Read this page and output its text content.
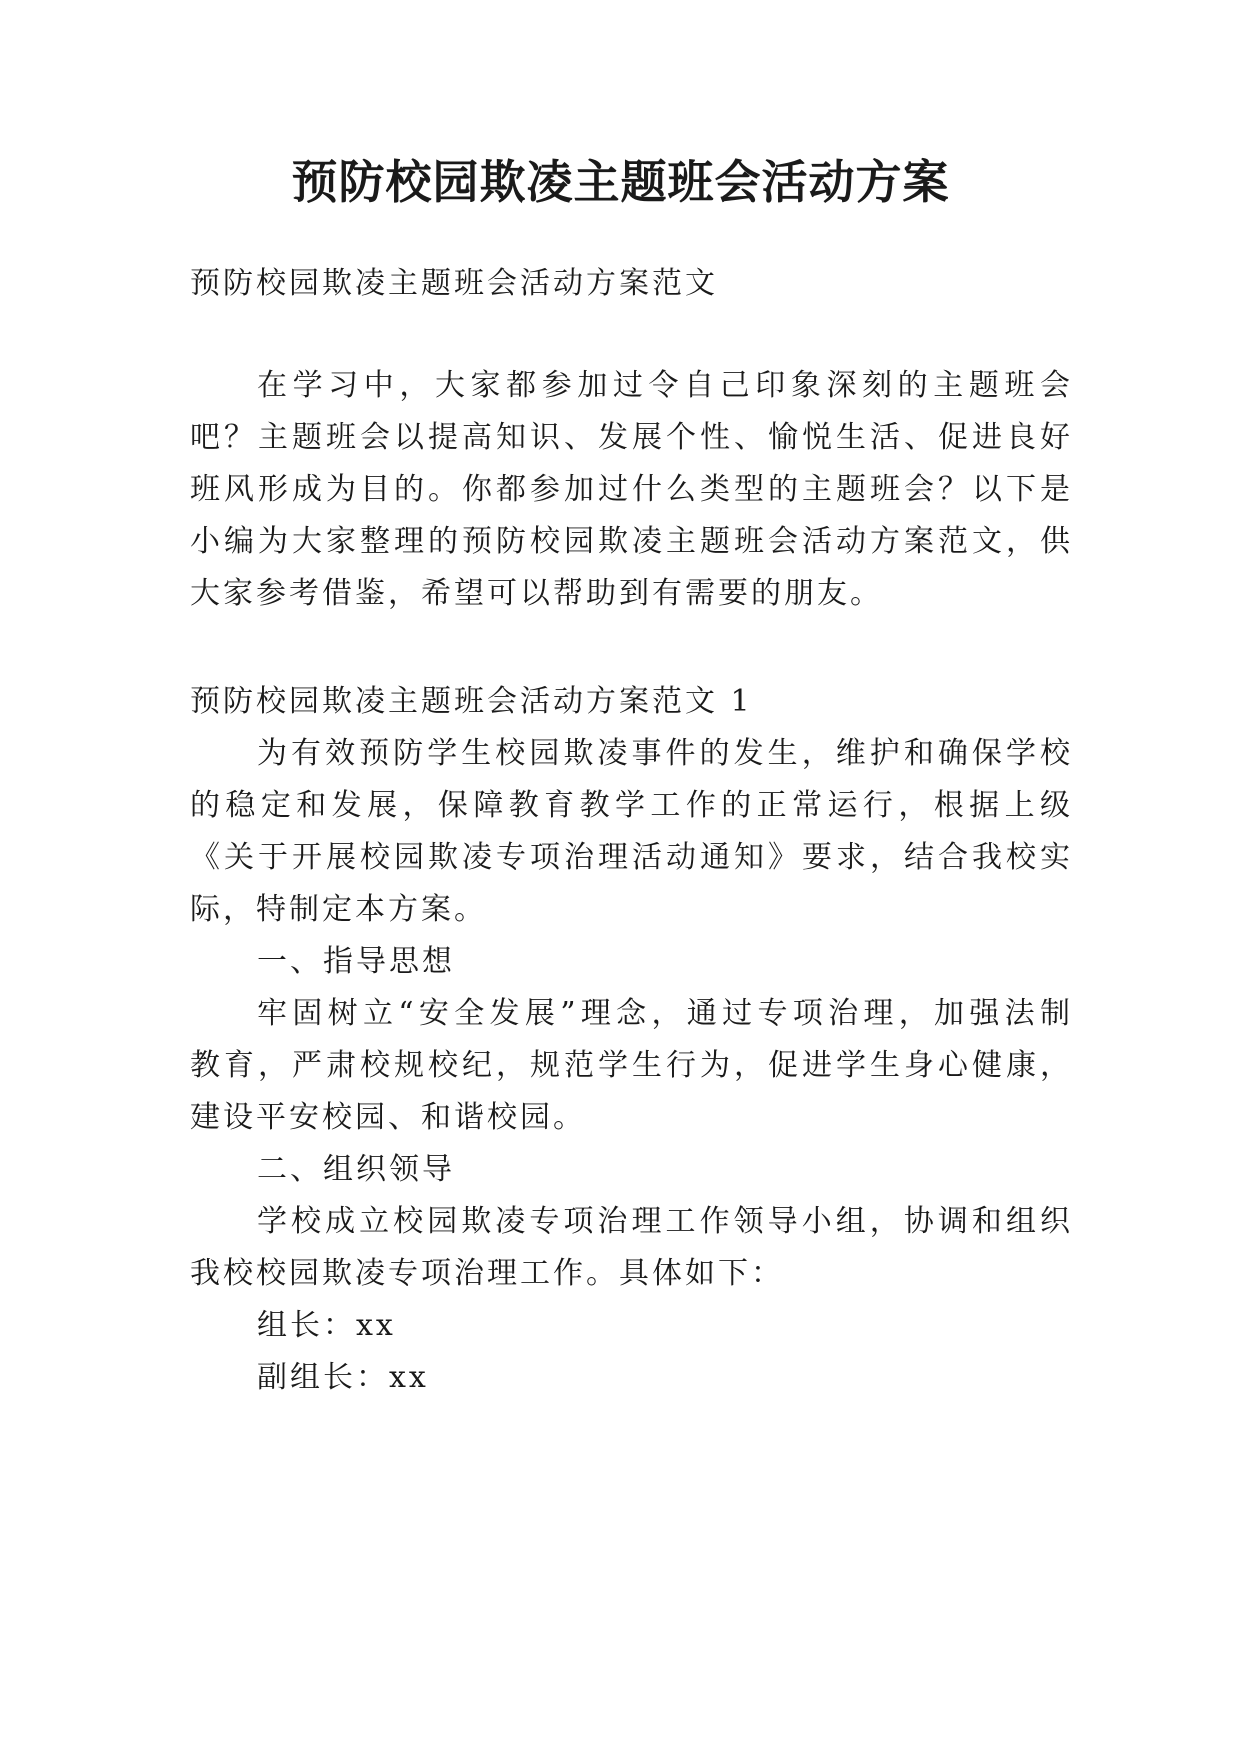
预防校园欺凌主题班会活动方案
预防校园欺凌主题班会活动方案范文
在学习中，大家都参加过令自己印象深刻的主题班会
吧？主题班会以提高知识、发展个性、愉悦生活、促进良好
班风形成为目的。你都参加过什么类型的主题班会？以下是
小编为大家整理的预防校园欺凌主题班会活动方案范文，供
大家参考借鉴，希望可以帮助到有需要的朋友。
预防校园欺凌主题班会活动方案范文 1
为有效预防学生校园欺凌事件的发生，维护和确保学校
的稳定和发展，保障教育教学工作的正常运行，根据上级
《关于开展校园欺凌专项治理活动通知》要求，结合我校实
际，特制定本方案。
一、指导思想
牢固树立“安全发展”理念，通过专项治理，加强法制
教育，严肃校规校纪，规范学生行为，促进学生身心健康，
建设平安校园、和谐校园。
二、组织领导
学校成立校园欺凌专项治理工作领导小组，协调和组织
我校校园欺凌专项治理工作。具体如下：
组长：xx
副组长：xx
